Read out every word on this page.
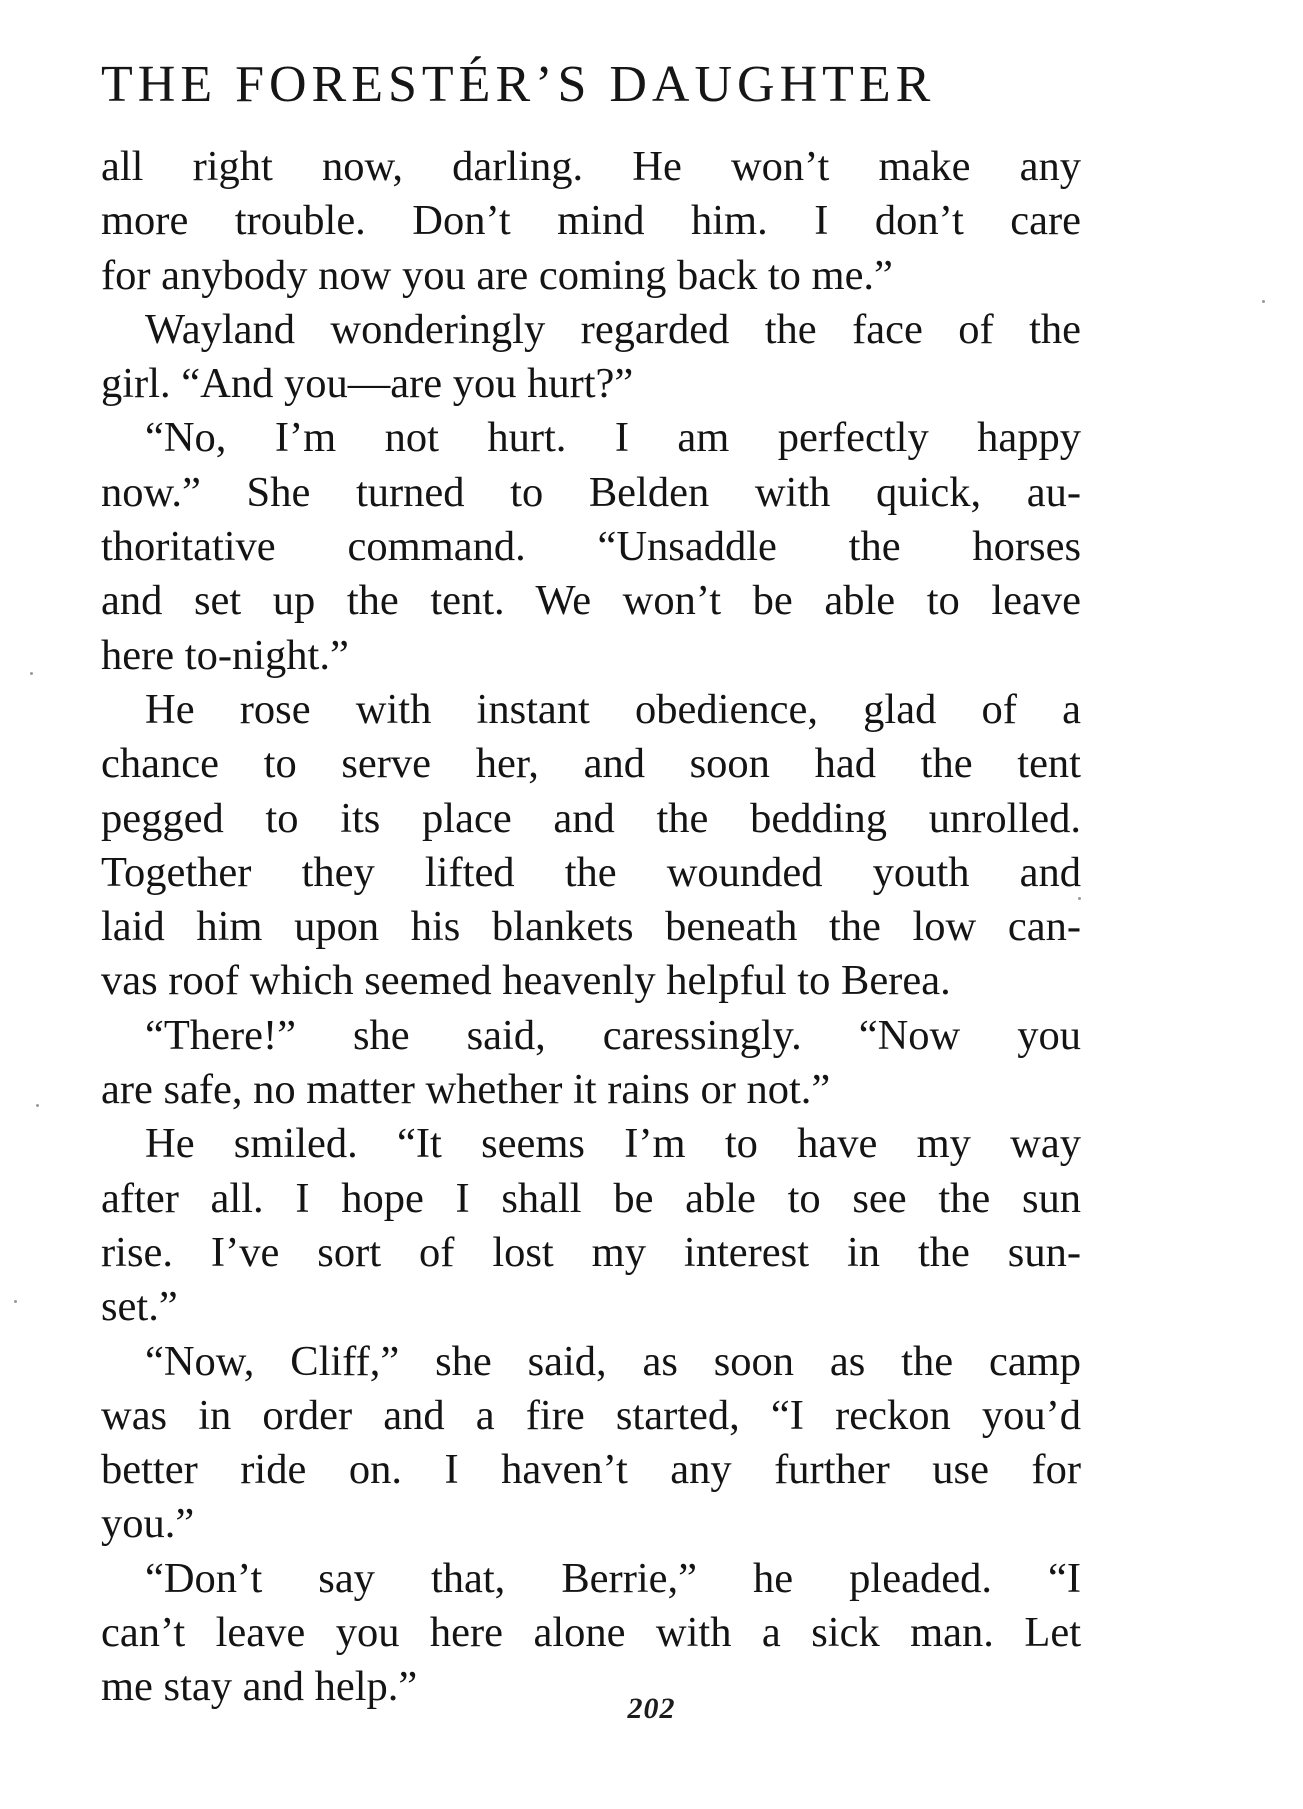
THE FORESTÉR’S DAUGHTER
all right now, darling. He won’t make any
more trouble. Don’t mind him. I don’t care
for anybody now you are coming back to me.”
Wayland wonderingly regarded the face of the
girl. “And you—are you hurt?”
“No, I’m not hurt. I am perfectly happy
now.” She turned to Belden with quick, au-
thoritative command. “Unsaddle the horses
and set up the tent. We won’t be able to leave
here to-night.”
He rose with instant obedience, glad of a
chance to serve her, and soon had the tent
pegged to its place and the bedding unrolled.
Together they lifted the wounded youth and
laid him upon his blankets beneath the low can-
vas roof which seemed heavenly helpful to Berea.
“There!” she said, caressingly. “Now you
are safe, no matter whether it rains or not.”
He smiled. “It seems I’m to have my way
after all. I hope I shall be able to see the sun
rise. I’ve sort of lost my interest in the sun-
set.”
“Now, Cliff,” she said, as soon as the camp
was in order and a fire started, “I reckon you’d
better ride on. I haven’t any further use for
you.”
“Don’t say that, Berrie,” he pleaded. “I
can’t leave you here alone with a sick man. Let
me stay and help.”	202
